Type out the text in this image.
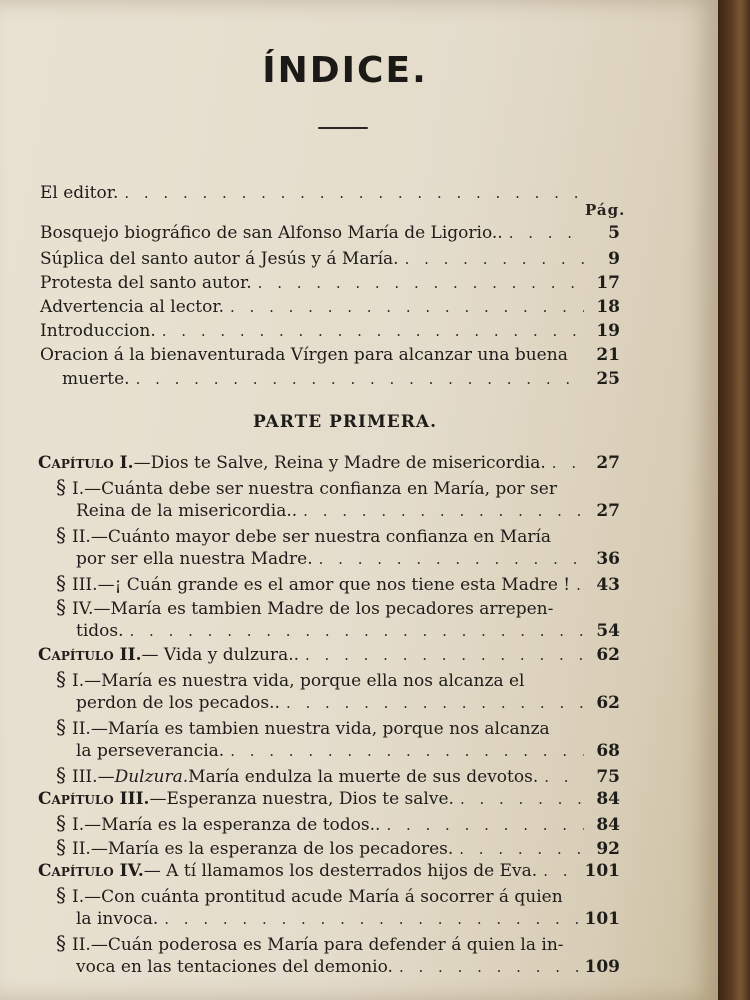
ÍNDICE.
Pág.
El editor.
. . .
Bosquejo biográfico de san Alfonso María de Ligorio.. . . .	5
Súplica del santo autor á Jesús y á María. . . .	9
Protesta del santo autor. . . .	17
Advertencia al lector. . . .	18
Introduccion. . . .	19
Oracion á la bienaventurada Vírgen para alcanzar una buena	21
muerte. . . .	25
PARTE PRIMERA.
Capítulo I. —Dios te Salve, Reina y Madre de misericordia. . . .	27
§ I. —Cuánta debe ser nuestra confianza en María, por ser
Reina de la misericordia.. . . .	27
§ II. —Cuánto mayor debe ser nuestra confianza en María
por ser ella nuestra Madre. . . .	36
§ III. —¡ Cuán grande es el amor que nos tiene esta Madre ! . . .	43
§ IV. —María es tambien Madre de los pecadores arrepen-
tidos. . . .	54
Capítulo II. — Vida y dulzura.. . . .	62
§ I. —María es nuestra vida, porque ella nos alcanza el
perdon de los pecados.. . . .	62
§ II. —María es tambien nuestra vida, porque nos alcanza
la perseverancia. . . .	68
§ III. —Dulzura. María endulza la muerte de sus devotos. . . .	75
Capítulo III. —Esperanza nuestra, Dios te salve. . . .	84
§ I. —María es la esperanza de todos.. . . .	84
§ II. —María es la esperanza de los pecadores. . . .	92
Capítulo IV. — A tí llamamos los desterrados hijos de Eva. . . .	101
§ I. —Con cuánta prontitud acude María á socorrer á quien
la invoca. . . .	101
§ II. —Cuán poderosa es María para defender á quien la in-
voca en las tentaciones del demonio. . . .	109
